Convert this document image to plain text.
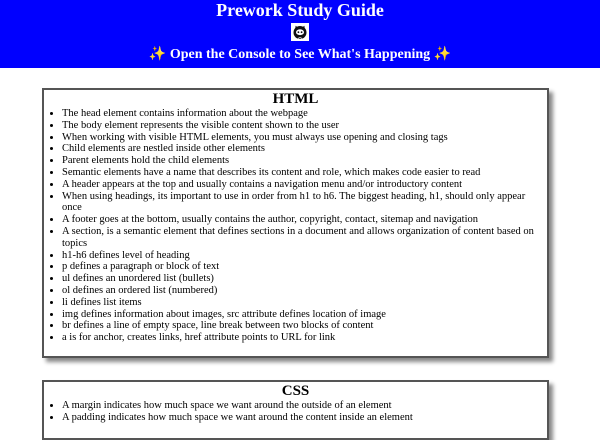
Prework Study Guide
✨ Open the Console to See What's Happening ✨
HTML
• The head element contains information about the webpage
• The body element represents the visible content shown to the user
• When working with visible HTML elements, you must always use opening and closing tags
• Child elements are nestled inside other elements
• Parent elements hold the child elements
• Semantic elements have a name that describes its content and role, which makes code easier to read
• A header appears at the top and usually contains a navigation menu and/or introductory content
• When using headings, its important to use in order from h1 to h6. The biggest heading, h1, should only appear once
• A footer goes at the bottom, usually contains the author, copyright, contact, sitemap and navigation
• A section, is a semantic element that defines sections in a document and allows organization of content based on topics
• h1-h6 defines level of heading
• p defines a paragraph or block of text
• ul defines an unordered list (bullets)
• ol defines an ordered list (numbered)
• li defines list items
• img defines information about images, src attribute defines location of image
• br defines a line of empty space, line break between two blocks of content
• a is for anchor, creates links, href attribute points to URL for link
CSS
• A margin indicates how much space we want around the outside of an element
• A padding indicates how much space we want around the content inside an element
